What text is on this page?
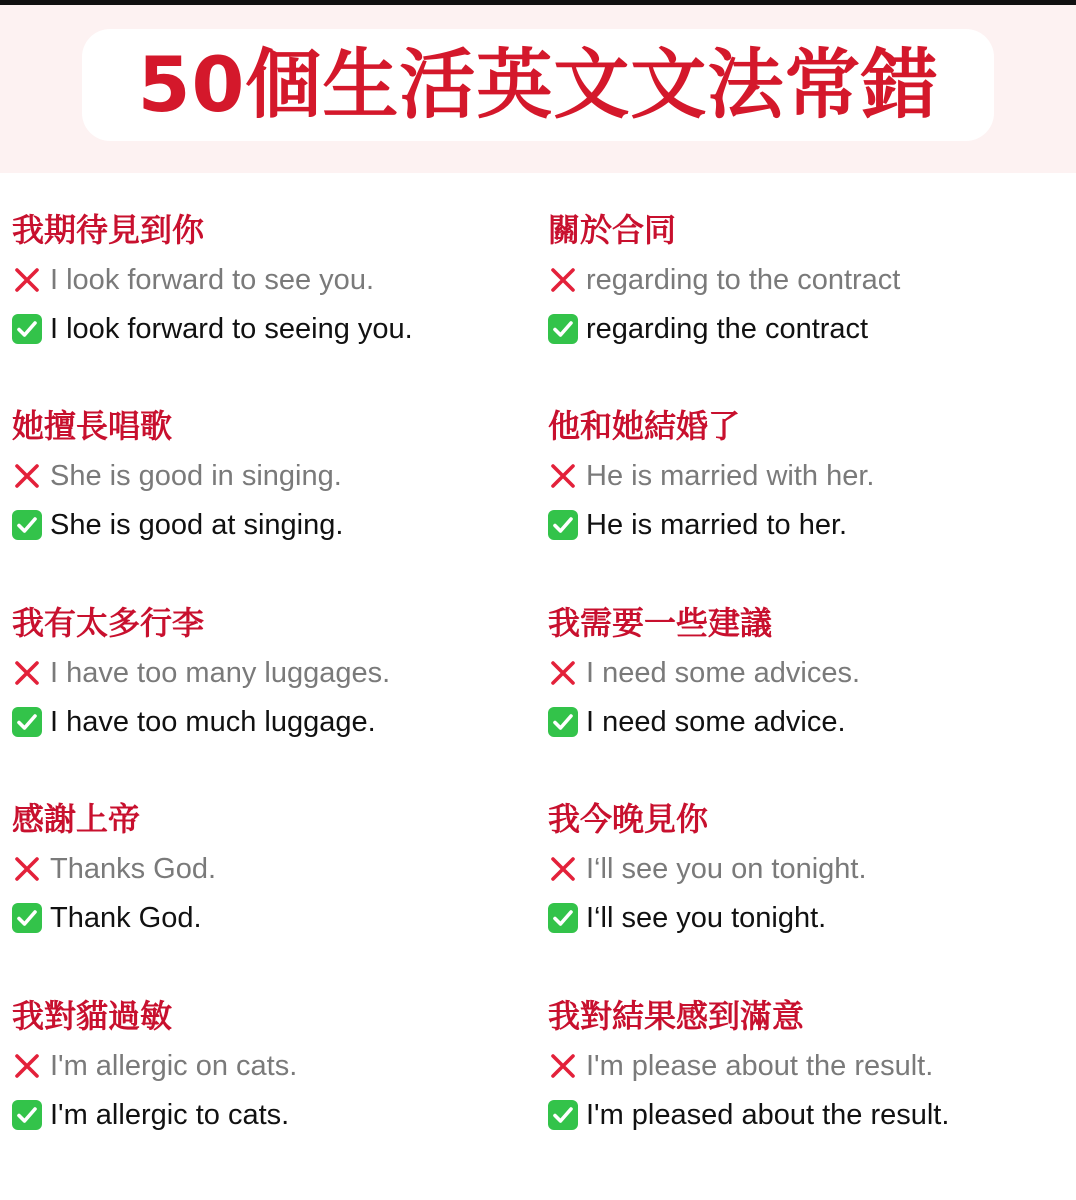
50個生活英文文法常錯
我期待見到你
I look forward to see you.
I look forward to seeing you.
關於合同
regarding to the contract
regarding the contract
她擅長唱歌
She is good in singing.
She is good at singing.
他和她結婚了
He is married with her.
He is married to her.
我有太多行李
I have too many luggages.
I have too much luggage.
我需要一些建議
I need some advices.
I need some advice.
感謝上帝
Thanks God.
Thank God.
我今晚見你
I‘ll see you on tonight.
I‘ll see you tonight.
我對貓過敏
I'm allergic on cats.
I'm allergic to cats.
我對結果感到滿意
I'm please about the result.
I'm pleased about the result.
